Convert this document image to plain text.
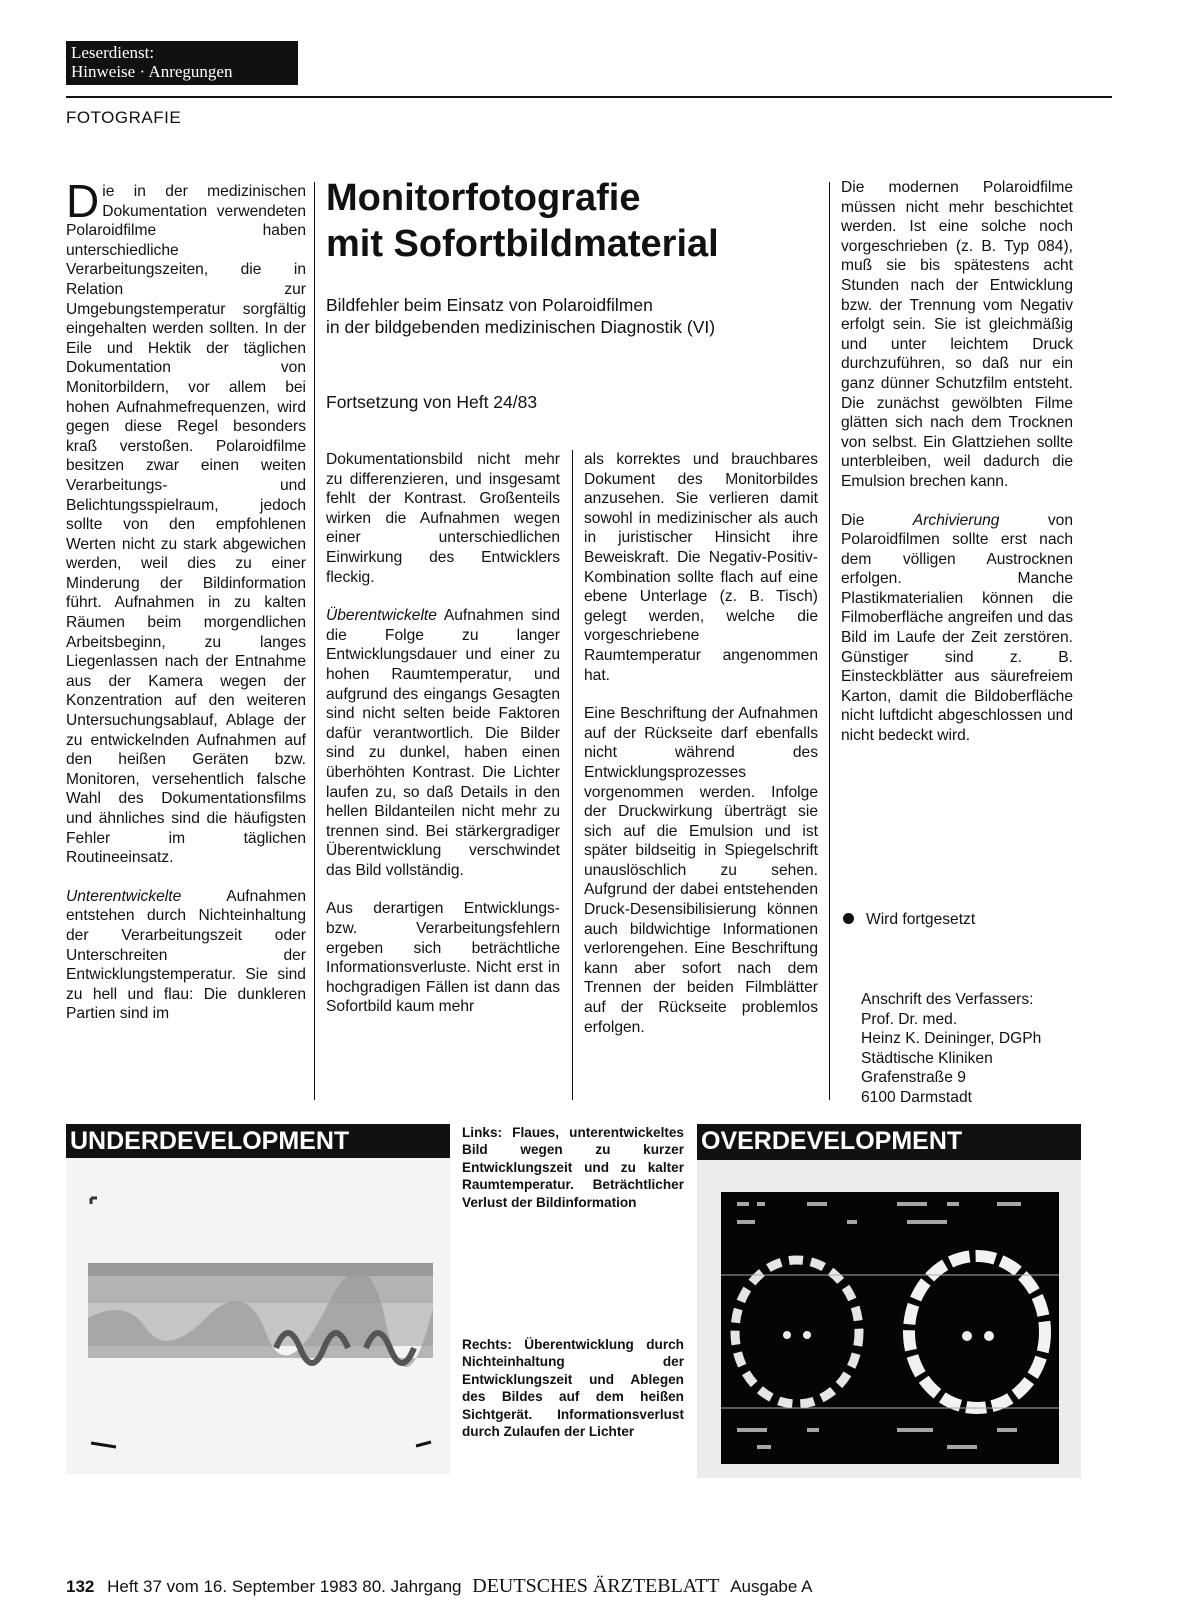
Leserdienst:
Hinweise · Anregungen
FOTOGRAFIE

Die in der medizinischen Dokumentation verwendeten Polaroidfilme haben unterschiedliche Verarbeitungszeiten, die in Relation zur Umgebungstemperatur sorgfältig eingehalten werden sollten. In der Eile und Hektik der täglichen Dokumentation von Monitorbildern, vor allem bei hohen Aufnahmefrequenzen, wird gegen diese Regel besonders kraß verstoßen. Polaroidfilme besitzen zwar einen weiten Verarbeitungs- und Belichtungsspielraum, jedoch sollte von den empfohlenen Werten nicht zu stark abgewichen werden, weil dies zu einer Minderung der Bildinformation führt. Aufnahmen in zu kalten Räumen beim morgendlichen Arbeitsbeginn, zu langes Liegenlassen nach der Entnahme aus der Kamera wegen der Konzentration auf den weiteren Untersuchungsablauf, Ablage der zu entwickelnden Aufnahmen auf den heißen Geräten bzw. Monitoren, versehentlich falsche Wahl des Dokumentationsfilms und ähnliches sind die häufigsten Fehler im täglichen Routineeinsatz.

Unterentwickelte Aufnahmen entstehen durch Nichteinhaltung der Verarbeitungszeit oder Unterschreiten der Entwicklungstemperatur. Sie sind zu hell und flau: Die dunkleren Partien sind im

Monitorfotografie
mit Sofortbildmaterial
Bildfehler beim Einsatz von Polaroidfilmen
in der bildgebenden medizinischen Diagnostik (VI)
Fortsetzung von Heft 24/83

Dokumentationsbild nicht mehr zu differenzieren, und insgesamt fehlt der Kontrast. Großenteils wirken die Aufnahmen wegen einer unterschiedlichen Einwirkung des Entwicklers fleckig.

Überentwickelte Aufnahmen sind die Folge zu langer Entwicklungsdauer und einer zu hohen Raumtemperatur, und aufgrund des eingangs Gesagten sind nicht selten beide Faktoren dafür verantwortlich. Die Bilder sind zu dunkel, haben einen überhöhten Kontrast. Die Lichter laufen zu, so daß Details in den hellen Bildanteilen nicht mehr zu trennen sind. Bei stärkergradiger Überentwicklung verschwindet das Bild vollständig.

Aus derartigen Entwicklungs- bzw. Verarbeitungsfehlern ergeben sich beträchtliche Informationsverluste. Nicht erst in hochgradigen Fällen ist dann das Sofortbild kaum mehr

als korrektes und brauchbares Dokument des Monitorbildes anzusehen. Sie verlieren damit sowohl in medizinischer als auch in juristischer Hinsicht ihre Beweiskraft. Die Negativ-Positiv-Kombination sollte flach auf eine ebene Unterlage (z. B. Tisch) gelegt werden, welche die vorgeschriebene Raumtemperatur angenommen hat.

Eine Beschriftung der Aufnahmen auf der Rückseite darf ebenfalls nicht während des Entwicklungsprozesses vorgenommen werden. Infolge der Druckwirkung überträgt sie sich auf die Emulsion und ist später bildseitig in Spiegelschrift unauslöschlich zu sehen. Aufgrund der dabei entstehenden Druck-Desensibilisierung können auch bildwichtige Informationen verlorengehen. Eine Beschriftung kann aber sofort nach dem Trennen der beiden Filmblätter auf der Rückseite problemlos erfolgen.

Die modernen Polaroidfilme müssen nicht mehr beschichtet werden. Ist eine solche noch vorgeschrieben (z. B. Typ 084), muß sie bis spätestens acht Stunden nach der Entwicklung bzw. der Trennung vom Negativ erfolgt sein. Sie ist gleichmäßig und unter leichtem Druck durchzuführen, so daß nur ein ganz dünner Schutzfilm entsteht. Die zunächst gewölbten Filme glätten sich nach dem Trocknen von selbst. Ein Glattziehen sollte unterbleiben, weil dadurch die Emulsion brechen kann.

Die Archivierung von Polaroidfilmen sollte erst nach dem völligen Austrocknen erfolgen. Manche Plastikmaterialien können die Filmoberfläche angreifen und das Bild im Laufe der Zeit zerstören. Günstiger sind z. B. Einsteckblätter aus säurefreiem Karton, damit die Bildoberfläche nicht luftdicht abgeschlossen und nicht bedeckt wird.

Wird fortgesetzt
Anschrift des Verfassers:
Prof. Dr. med.
Heinz K. Deininger, DGPh
Städtische Kliniken
Grafenstraße 9
6100 Darmstadt
UNDERDEVELOPMENT	Links: Flaues, unterentwickeltes Bild wegen zu kurzer Entwicklungszeit und zu kalter Raumtemperatur. Beträchtlicher Verlust der Bildinformation
Rechts: Überentwicklung durch Nichteinhaltung der Entwicklungszeit und Ablegen des Bildes auf dem heißen Sichtgerät. Informationsverlust durch Zulaufen der Lichter
OVERDEVELOPMENT
132 Heft 37 vom 16. September 1983 80. Jahrgang DEUTSCHES ÄRZTEBLATT Ausgabe A
